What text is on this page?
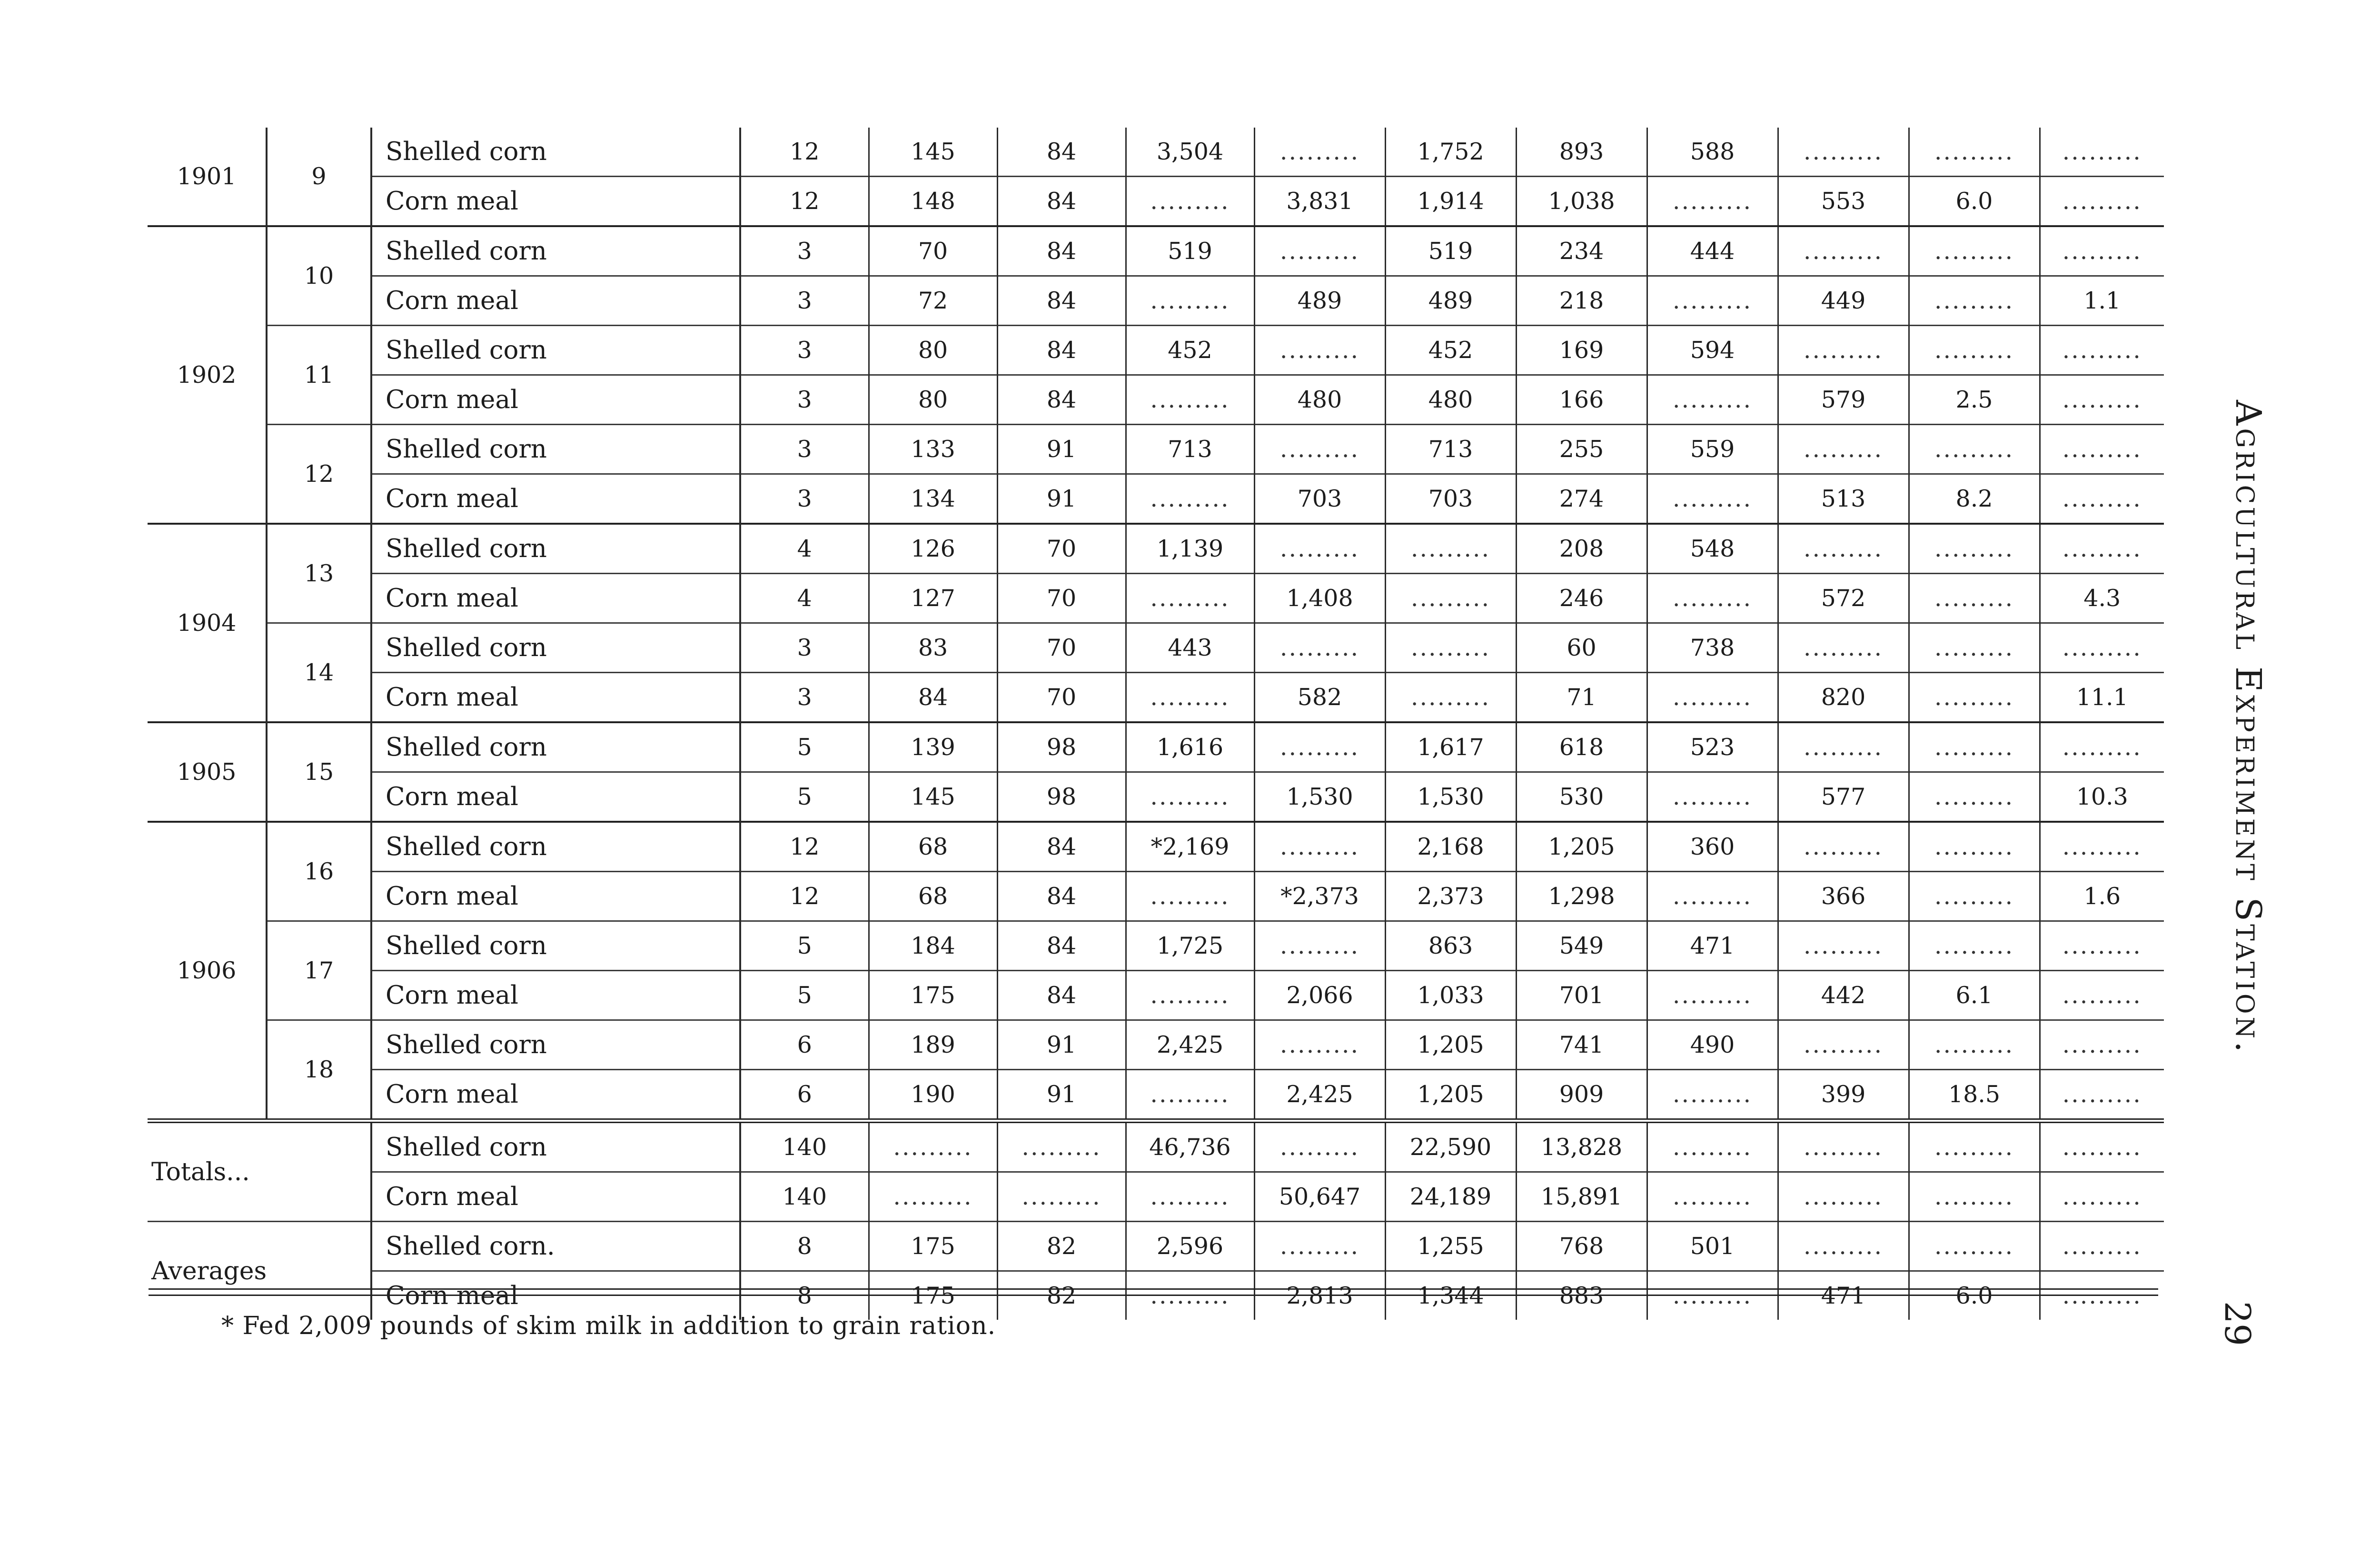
1901	9	Shelled corn	12	145	84	3,504	.........	1,752	893	588	.........	.........	.........
		Corn meal	12	148	84	.........	3,831	1,914	1,038	.........	553	6.0	.........
1902	10	Shelled corn	3	70	84	519	.........	519	234	444	.........	.........	.........
		Corn meal	3	72	84	.........	489	489	218	.........	449	.........	1.1
	11	Shelled corn	3	80	84	452	.........	452	169	594	.........	.........	.........
		Corn meal	3	80	84	.........	480	480	166	.........	579	2.5	.........
	12	Shelled corn	3	133	91	713	.........	713	255	559	.........	.........	.........
		Corn meal	3	134	91	.........	703	703	274	.........	513	8.2	.........
1904	13	Shelled corn	4	126	70	1,139	.........	.........	208	548	.........	.........	.........
		Corn meal	4	127	70	.........	1,408	.........	246	.........	572	.........	4.3
	14	Shelled corn	3	83	70	443	.........	.........	60	738	.........	.........	.........
		Corn meal	3	84	70	.........	582	.........	71	.........	820	.........	11.1
1905	15	Shelled corn	5	139	98	1,616	.........	1,617	618	523	.........	.........	.........
		Corn meal	5	145	98	.........	1,530	1,530	530	.........	577	.........	10.3
1906	16	Shelled corn	12	68	84	*2,169	.........	2,168	1,205	360	.........	.........	.........
		Corn meal	12	68	84	.........	*2,373	2,373	1,298	.........	366	.........	1.6
	17	Shelled corn	5	184	84	1,725	.........	863	549	471	.........	.........	.........
		Corn meal	5	175	84	.........	2,066	1,033	701	.........	442	6.1	.........
	18	Shelled corn	6	189	91	2,425	.........	1,205	741	490	.........	.........	.........
		Corn meal	6	190	91	.........	2,425	1,205	909	.........	399	18.5	.........
Totals...		Shelled corn	140	.........	.........	46,736	.........	22,590	13,828	.........	.........	.........	.........
		Corn meal	140	.........	.........	.........	50,647	24,189	15,891	.........	.........	.........	.........
Averages		Shelled corn.	8	175	82	2,596	.........	1,255	768	501	.........	.........	.........
		Corn meal	8	175	82	.........	2,813	1,344	883	.........	471	6.0	.........
* Fed 2,009 pounds of skim milk in addition to grain ration.
Agricultural Experiment Station.
29
